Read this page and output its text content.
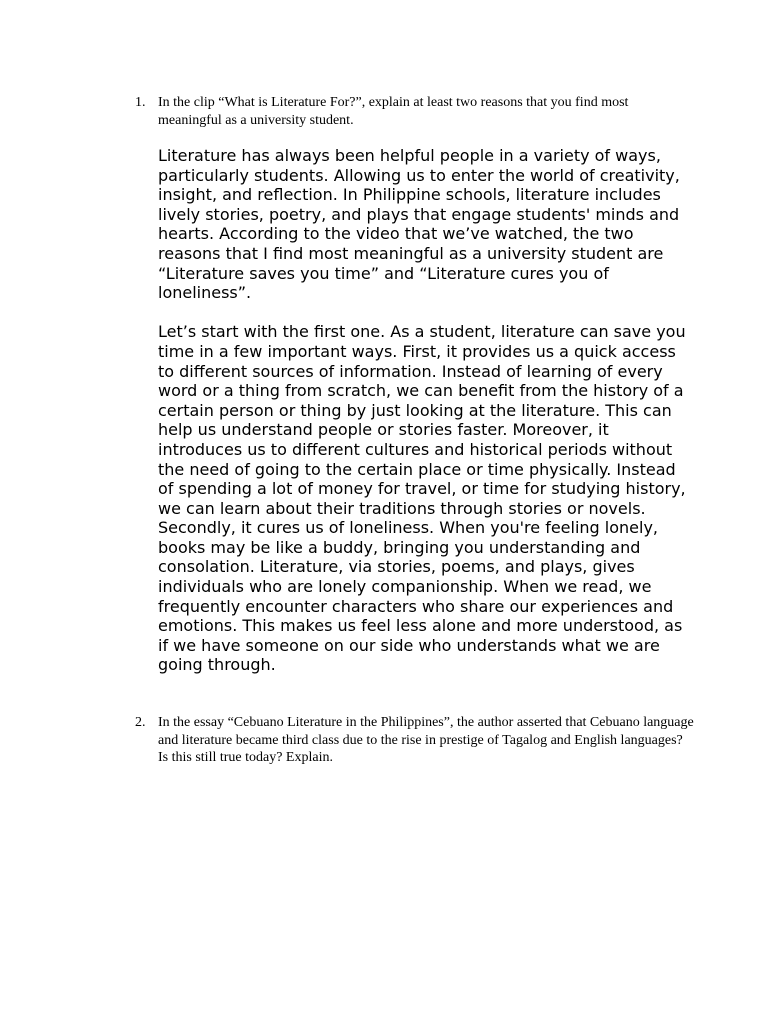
1. In the clip “What is Literature For?”, explain at least two reasons that you find most meaningful as a university student.

Literature has always been helpful people in a variety of ways, particularly students. Allowing us to enter the world of creativity, insight, and reflection. In Philippine schools, literature includes lively stories, poetry, and plays that engage students' minds and hearts. According to the video that we’ve watched, the two reasons that I find most meaningful as a university student are “Literature saves you time” and “Literature cures you of loneliness”.

Let’s start with the first one. As a student, literature can save you time in a few important ways. First, it provides us a quick access to different sources of information. Instead of learning of every word or a thing from scratch, we can benefit from the history of a certain person or thing by just looking at the literature. This can help us understand people or stories faster. Moreover, it introduces us to different cultures and historical periods without the need of going to the certain place or time physically. Instead of spending a lot of money for travel, or time for studying history, we can learn about their traditions through stories or novels. Secondly, it cures us of loneliness. When you're feeling lonely, books may be like a buddy, bringing you understanding and consolation. Literature, via stories, poems, and plays, gives individuals who are lonely companionship. When we read, we frequently encounter characters who share our experiences and emotions. This makes us feel less alone and more understood, as if we have someone on our side who understands what we are going through.

2. In the essay “Cebuano Literature in the Philippines”, the author asserted that Cebuano language and literature became third class due to the rise in prestige of Tagalog and English languages? Is this still true today? Explain.
